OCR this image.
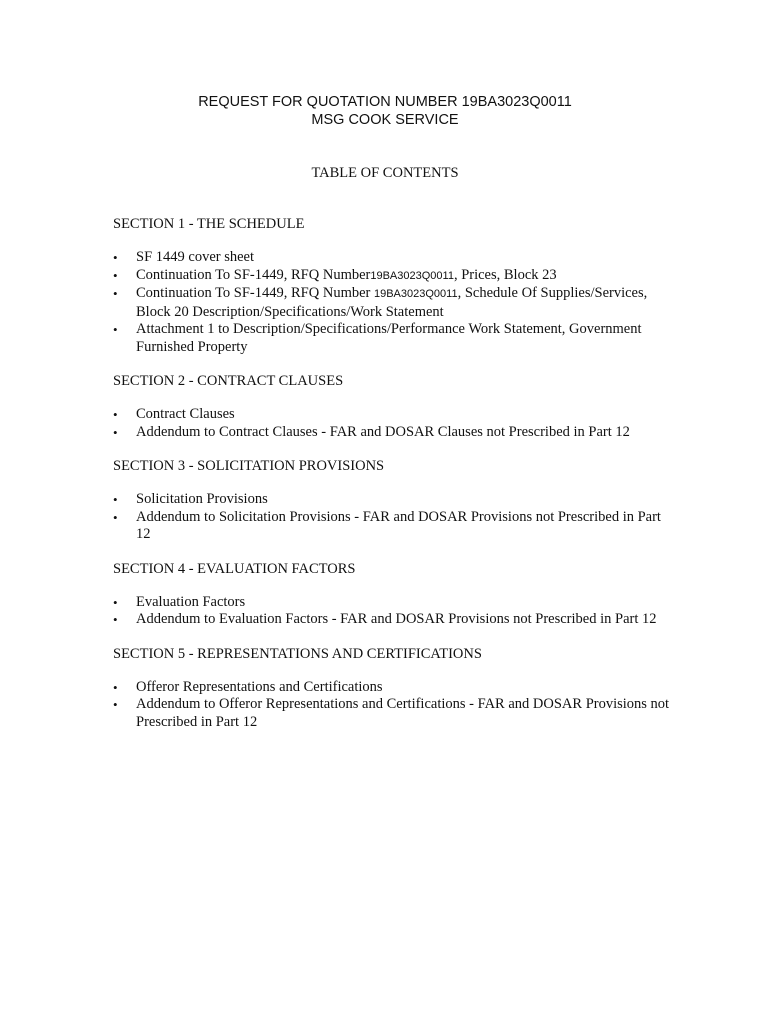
REQUEST FOR QUOTATION NUMBER 19BA3023Q0011
MSG COOK SERVICE
TABLE OF CONTENTS
SECTION 1 - THE SCHEDULE
• SF 1449 cover sheet
• Continuation To SF-1449, RFQ Number19BA3023Q0011, Prices, Block 23
• Continuation To SF-1449, RFQ Number 19BA3023Q0011, Schedule Of Supplies/Services, Block 20 Description/Specifications/Work Statement
• Attachment 1 to Description/Specifications/Performance Work Statement, Government Furnished Property
SECTION 2 - CONTRACT CLAUSES
• Contract Clauses
• Addendum to Contract Clauses - FAR and DOSAR Clauses not Prescribed in Part 12
SECTION 3 - SOLICITATION PROVISIONS
• Solicitation Provisions
• Addendum to Solicitation Provisions - FAR and DOSAR Provisions not Prescribed in Part 12
SECTION 4 - EVALUATION FACTORS
• Evaluation Factors
• Addendum to Evaluation Factors - FAR and DOSAR Provisions not Prescribed in Part 12
SECTION 5 - REPRESENTATIONS AND CERTIFICATIONS
• Offeror Representations and Certifications
• Addendum to Offeror Representations and Certifications - FAR and DOSAR Provisions not Prescribed in Part 12
